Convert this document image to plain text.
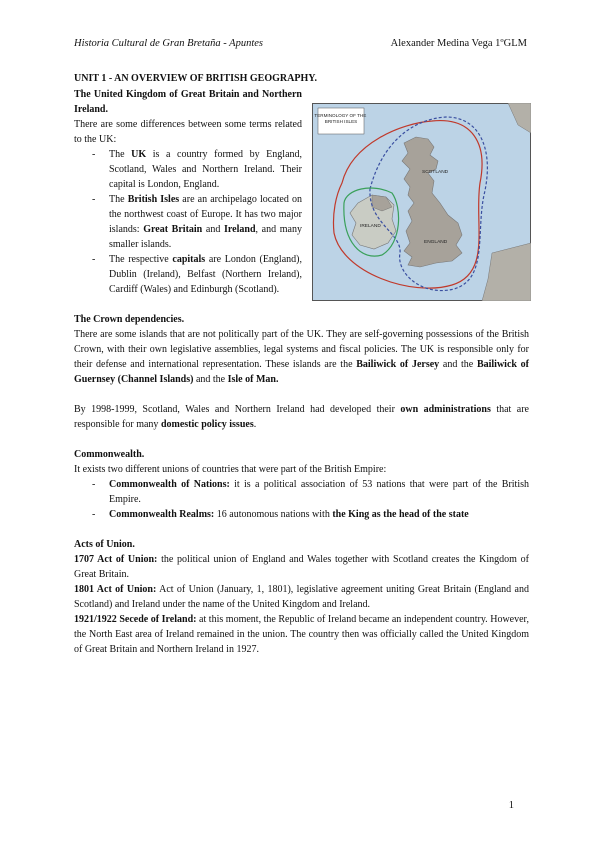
Historia Cultural de Gran Bretaña - Apuntes	Alexander Medina Vega 1ºGLM

UNIT 1 - AN OVERVIEW OF BRITISH GEOGRAPHY.

The United Kingdom of Great Britain and Northern Ireland.

There are some differences between some terms related to the UK:

- The UK is a country formed by England, Scotland, Wales and Northern Ireland. Their capital is London, England.
- The British Isles are an archipelago located on the northwest coast of Europe. It has two major islands: Great Britain and Ireland, and many smaller islands.
- The respective capitals are London (England), Dublin (Ireland), Belfast (Northern Ireland), Cardiff (Wales) and Edinburgh (Scotland).

The Crown dependencies.

There are some islands that are not politically part of the UK. They are self-governing possessions of the British Crown, with their own legislative assemblies, legal systems and fiscal policies. The UK is responsible only for their defense and international representation. These islands are the Bailiwick of Jersey and the Bailiwick of Guernsey (Channel Islands) and the Isle of Man.

By 1998-1999, Scotland, Wales and Northern Ireland had developed their own administrations that are responsible for many domestic policy issues.

Commonwealth.

It exists two different unions of countries that were part of the British Empire:

- Commonwealth of Nations: it is a political association of 53 nations that were part of the British Empire.
- Commonwealth Realms: 16 autonomous nations with the King as the head of the state

Acts of Union.

1707 Act of Union: the political union of England and Wales together with Scotland creates the Kingdom of Great Britain.

1801 Act of Union: Act of Union (January, 1, 1801), legislative agreement uniting Great Britain (England and Scotland) and Ireland under the name of the United Kingdom and Ireland.

1921/1922 Secede of Ireland: at this moment, the Republic of Ireland became an independent country. However, the North East area of Ireland remained in the union. The country then was officially called the United Kingdom of Great Britain and Northern Ireland in 1927.

TERMINOLOGY OF THE BRITISH ISLES
SCOTLAND
ENGLAND
IRELAND
1
